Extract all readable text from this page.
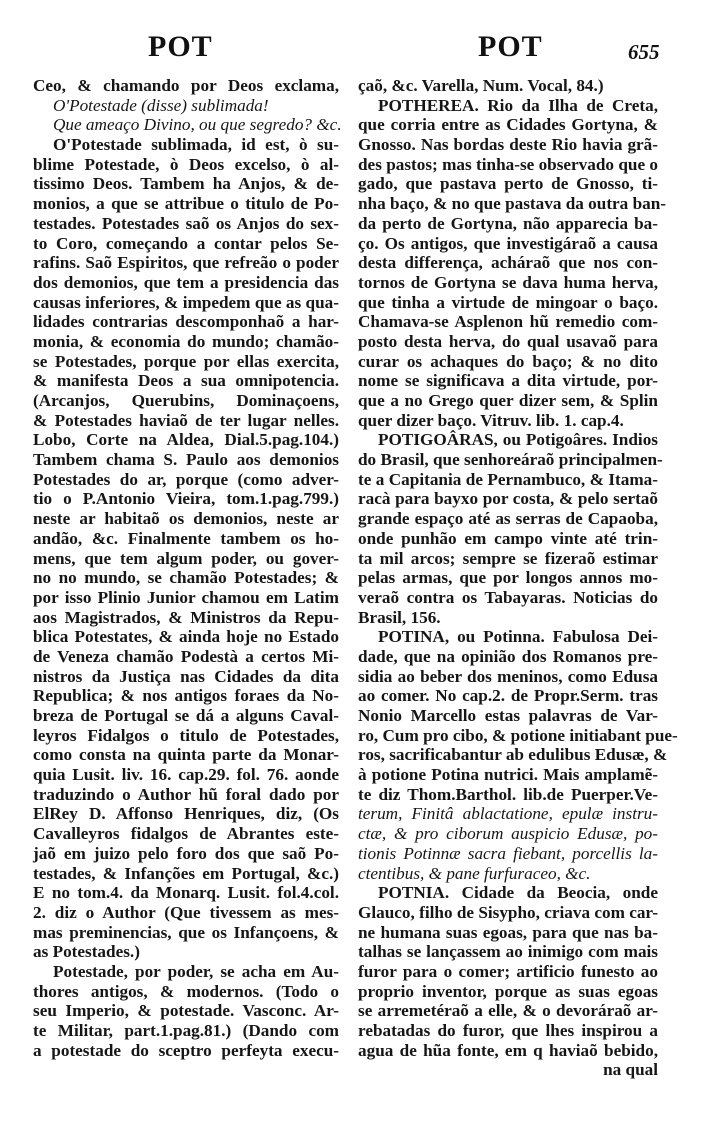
POT	POT	655
Ceo, & chamando por Deos exclama,
O'Potestade (disse) sublimada!
Que ameaço Divino, ou que segredo? &c.
O'Potestade sublimada, id est, ò su-
blime Potestade, ò Deos excelso, ò al-
tissimo Deos. Tambem ha Anjos, & de-
monios, a que se attribue o titulo de Po-
testades. Potestades saõ os Anjos do sex-
to Coro, começando a contar pelos Se-
rafins. Saõ Espiritos, que refreão o poder
dos demonios, que tem a presidencia das
causas inferiores, & impedem que as qua-
lidades contrarias descomponhaõ a har-
monia, & economia do mundo; chamão-
se Potestades, porque por ellas exercita,
& manifesta Deos a sua omnipotencia.
(Arcanjos, Querubins, Dominaçoens,
& Potestades haviaõ de ter lugar nelles.
Lobo, Corte na Aldea, Dial.5.pag.104.)
Tambem chama S. Paulo aos demonios
Potestades do ar, porque (como adver-
tio o P.Antonio Vieira, tom.1.pag.799.)
neste ar habitaõ os demonios, neste ar
andão, &c. Finalmente tambem os ho-
mens, que tem algum poder, ou gover-
no no mundo, se chamão Potestades; &
por isso Plinio Junior chamou em Latim
aos Magistrados, & Ministros da Repu-
blica Potestates, & ainda hoje no Estado
de Veneza chamão Podestà a certos Mi-
nistros da Justiça nas Cidades da dita
Republica; & nos antigos foraes da No-
breza de Portugal se dá a alguns Caval-
leyros Fidalgos o titulo de Potestades,
como consta na quinta parte da Monar-
quia Lusit. liv. 16. cap.29. fol. 76. aonde
traduzindo o Author hũ foral dado por
ElRey D. Affonso Henriques, diz, (Os
Cavalleyros fidalgos de Abrantes este-
jaõ em juizo pelo foro dos que saõ Po-
testades, & Infanções em Portugal, &c.)
E no tom.4. da Monarq. Lusit. fol.4.col.
2. diz o Author (Que tivessem as mes-
mas preminencias, que os Infançoens, &
as Potestades.)
Potestade, por poder, se acha em Au-
thores antigos, & modernos. (Todo o
seu Imperio, & potestade. Vasconc. Ar-
te Militar, part.1.pag.81.) (Dando com
a potestade do sceptro perfeyta execu-
çaõ, &c. Varella, Num. Vocal, 84.)
POTHEREA. Rio da Ilha de Creta,
que corria entre as Cidades Gortyna, &
Gnosso. Nas bordas deste Rio havia grã-
des pastos; mas tinha-se observado que o
gado, que pastava perto de Gnosso, ti-
nha baço, & no que pastava da outra ban-
da perto de Gortyna, não apparecia ba-
ço. Os antigos, que investigáraõ a causa
desta differença, acháraõ que nos con-
tornos de Gortyna se dava huma herva,
que tinha a virtude de mingoar o baço.
Chamava-se Asplenon hũ remedio com-
posto desta herva, do qual usavaõ para
curar os achaques do baço; & no dito
nome se significava a dita virtude, por-
que a no Grego quer dizer sem, & Splin
quer dizer baço. Vitruv. lib. 1. cap.4.
POTIGOÂRAS, ou Potigoâres. Indios
do Brasil, que senhoreáraõ principalmen-
te a Capitania de Pernambuco, & Itama-
racà para bayxo por costa, & pelo sertaõ
grande espaço até as serras de Capaoba,
onde punhão em campo vinte até trin-
ta mil arcos; sempre se fizeraõ estimar
pelas armas, que por longos annos mo-
veraõ contra os Tabayaras. Noticias do
Brasil, 156.
POTINA, ou Potinna. Fabulosa Dei-
dade, que na opinião dos Romanos pre-
sidia ao beber dos meninos, como Edusa
ao comer. No cap.2. de Propr.Serm. tras
Nonio Marcello estas palavras de Var-
ro, Cum pro cibo, & potione initiabant pue-
ros, sacrificabantur ab edulibus Edusæ, &
à potione Potina nutrici. Mais amplamẽ-
te diz Thom.Barthol. lib.de Puerper.Ve-
terum, Finitâ ablactatione, epulæ instru-
ctæ, & pro ciborum auspicio Edusæ, po-
tionis Potinnæ sacra fiebant, porcellis la-
ctentibus, & pane furfuraceo, &c.
POTNIA. Cidade da Beocia, onde
Glauco, filho de Sisypho, criava com car-
ne humana suas egoas, para que nas ba-
talhas se lançassem ao inimigo com mais
furor para o comer; artificio funesto ao
proprio inventor, porque as suas egoas
se arremetéraõ a elle, & o devoráraõ ar-
rebatadas do furor, que lhes inspirou a
agua de hũa fonte, em q haviaõ bebido,
na qual
